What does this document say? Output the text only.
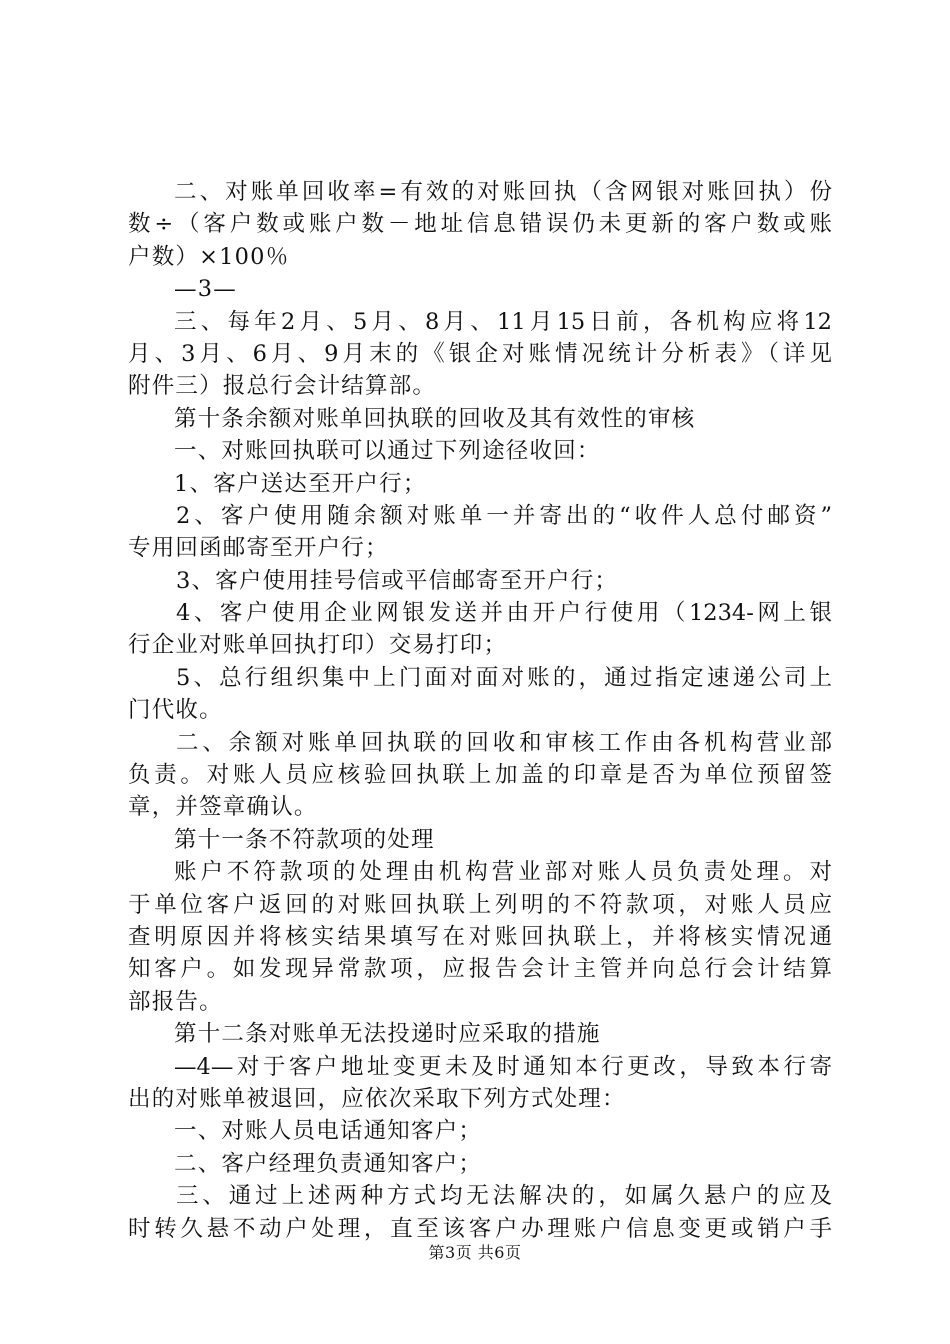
二、对账单回收率=有效的对账回执（含网银对账回执）份
数÷（客户数或账户数－地址信息错误仍未更新的客户数或账
户数）×100％
—3—
三、每年2月、5月、8月、11月15日前，各机构应将12
月、3月、6月、9月末的《银企对账情况统计分析表》（详见
附件三）报总行会计结算部。
第十条余额对账单回执联的回收及其有效性的审核
一、对账回执联可以通过下列途径收回：
1、客户送达至开户行；
2、客户使用随余额对账单一并寄出的“收件人总付邮资”
专用回函邮寄至开户行；
3、客户使用挂号信或平信邮寄至开户行；
4、客户使用企业网银发送并由开户行使用（1234-网上银
行企业对账单回执打印）交易打印；
5、总行组织集中上门面对面对账的，通过指定速递公司上
门代收。
二、余额对账单回执联的回收和审核工作由各机构营业部
负责。对账人员应核验回执联上加盖的印章是否为单位预留签
章，并签章确认。
第十一条不符款项的处理
账户不符款项的处理由机构营业部对账人员负责处理。对
于单位客户返回的对账回执联上列明的不符款项，对账人员应
查明原因并将核实结果填写在对账回执联上，并将核实情况通
知客户。如发现异常款项，应报告会计主管并向总行会计结算
部报告。
第十二条对账单无法投递时应采取的措施
—4—对于客户地址变更未及时通知本行更改，导致本行寄
出的对账单被退回，应依次采取下列方式处理：
一、对账人员电话通知客户；
二、客户经理负责通知客户；
三、通过上述两种方式均无法解决的，如属久悬户的应及
时转久悬不动户处理，直至该客户办理账户信息变更或销户手
第3页 共6页
